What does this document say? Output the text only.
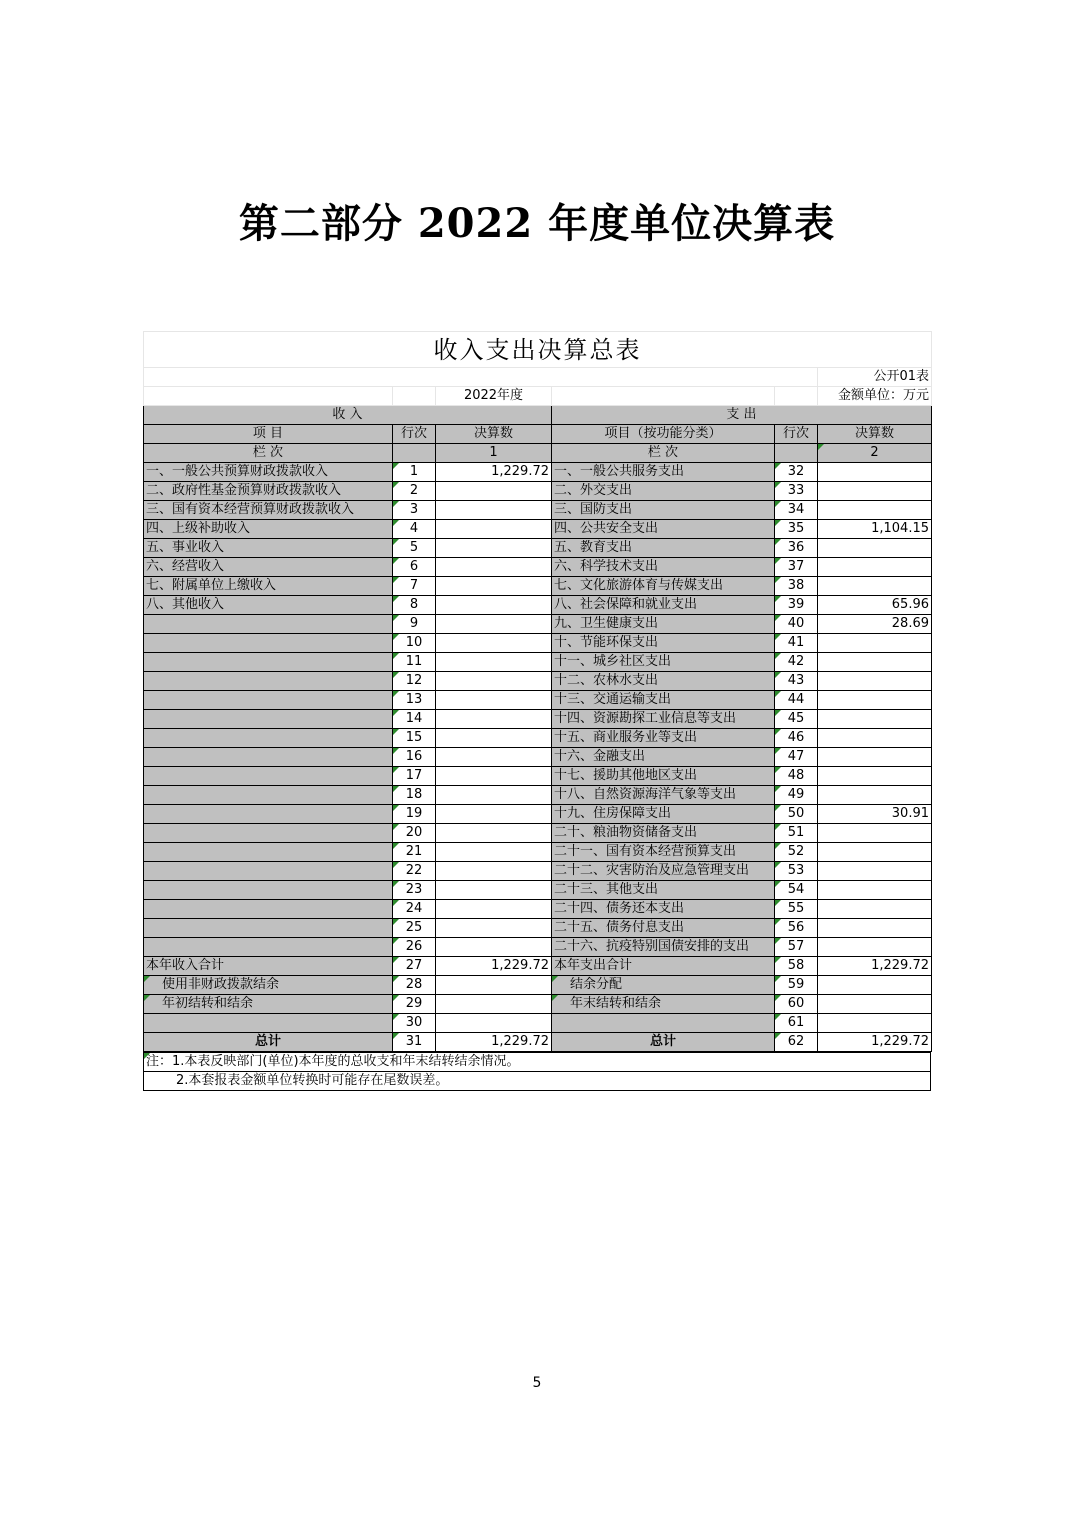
第二部分 2022 年度单位决算表
收入支出决算总表					
					公开01表
		2022年度			金额单位：万元
收 入			支 出		
项 目	行次	决算数	项目（按功能分类）	行次	决算数
栏 次		1	栏 次		2
一、一般公共预算财政拨款收入	1	1,229.72	一、一般公共服务支出	32	
二、政府性基金预算财政拨款收入	2		二、外交支出	33	
三、国有资本经营预算财政拨款收入	3		三、国防支出	34	
四、上级补助收入	4		四、公共安全支出	35	1,104.15
五、事业收入	5		五、教育支出	36	
六、经营收入	6		六、科学技术支出	37	
七、附属单位上缴收入	7		七、文化旅游体育与传媒支出	38	
八、其他收入	8		八、社会保障和就业支出	39	65.96
	9		九、卫生健康支出	40	28.69
	10		十、节能环保支出	41	
	11		十一、城乡社区支出	42	
	12		十二、农林水支出	43	
	13		十三、交通运输支出	44	
	14		十四、资源勘探工业信息等支出	45	
	15		十五、商业服务业等支出	46	
	16		十六、金融支出	47	
	17		十七、援助其他地区支出	48	
	18		十八、自然资源海洋气象等支出	49	
	19		十九、住房保障支出	50	30.91
	20		二十、粮油物资储备支出	51	
	21		二十一、国有资本经营预算支出	52	
	22		二十二、灾害防治及应急管理支出	53	
	23		二十三、其他支出	54	
	24		二十四、债务还本支出	55	
	25		二十五、债务付息支出	56	
	26		二十六、抗疫特别国债安排的支出	57	
本年收入合计	27	1,229.72	本年支出合计	58	1,229.72
使用非财政拨款结余	28		结余分配	59	
年初结转和结余	29		年末结转和结余	60	
	30			61	
总计	31	1,229.72	总计	62	1,229.72
注：1.本表反映部门(单位)本年度的总收支和年末结转结余情况。
2.本套报表金额单位转换时可能存在尾数误差。
5
